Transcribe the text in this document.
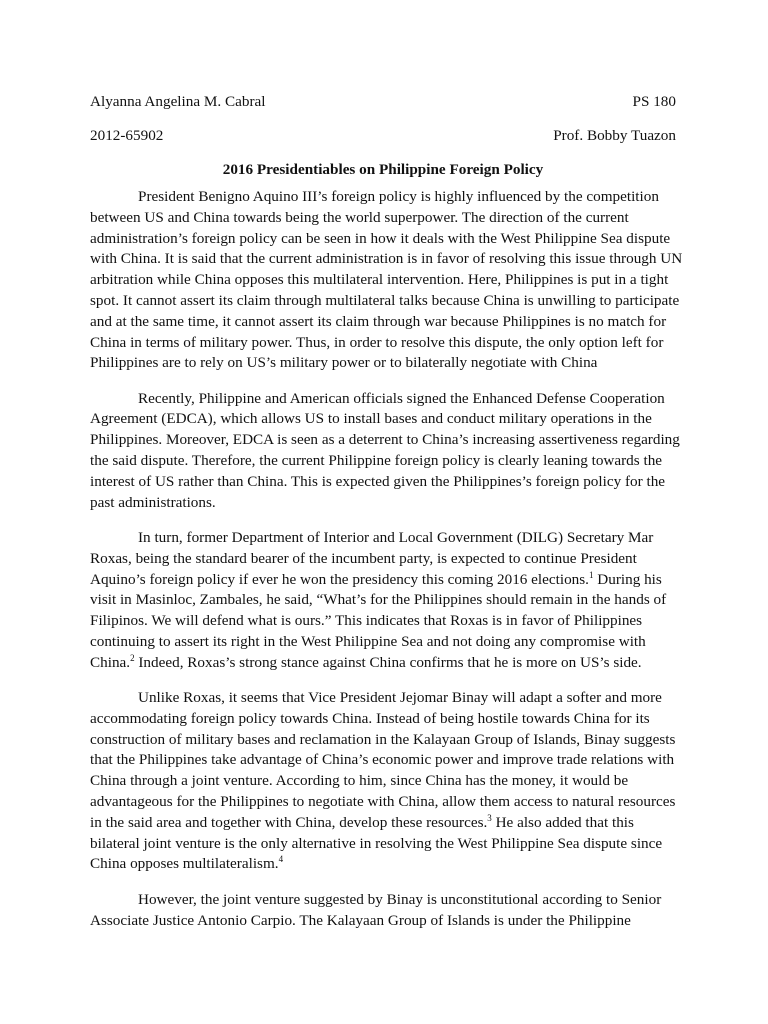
Alyanna Angelina M. Cabral	PS 180
2012-65902	Prof. Bobby Tuazon
2016 Presidentiables on Philippine Foreign Policy

President Benigno Aquino III’s foreign policy is highly influenced by the competition
between US and China towards being the world superpower. The direction of the current
administration’s foreign policy can be seen in how it deals with the West Philippine Sea dispute
with China. It is said that the current administration is in favor of resolving this issue through UN
arbitration while China opposes this multilateral intervention. Here, Philippines is put in a tight
spot. It cannot assert its claim through multilateral talks because China is unwilling to participate
and at the same time, it cannot assert its claim through war because Philippines is no match for
China in terms of military power. Thus, in order to resolve this dispute, the only option left for
Philippines are to rely on US’s military power or to bilaterally negotiate with China

Recently, Philippine and American officials signed the Enhanced Defense Cooperation
Agreement (EDCA), which allows US to install bases and conduct military operations in the
Philippines. Moreover, EDCA is seen as a deterrent to China’s increasing assertiveness regarding
the said dispute. Therefore, the current Philippine foreign policy is clearly leaning towards the
interest of US rather than China. This is expected given the Philippines’s foreign policy for the
past administrations.

In turn, former Department of Interior and Local Government (DILG) Secretary Mar
Roxas, being the standard bearer of the incumbent party, is expected to continue President
Aquino’s foreign policy if ever he won the presidency this coming 2016 elections.$^1$ During his
visit in Masinloc, Zambales, he said, “What’s for the Philippines should remain in the hands of
Filipinos. We will defend what is ours.” This indicates that Roxas is in favor of Philippines
continuing to assert its right in the West Philippine Sea and not doing any compromise with
China.$^2$ Indeed, Roxas’s strong stance against China confirms that he is more on US’s side.

Unlike Roxas, it seems that Vice President Jejomar Binay will adapt a softer and more
accommodating foreign policy towards China. Instead of being hostile towards China for its
construction of military bases and reclamation in the Kalayaan Group of Islands, Binay suggests
that the Philippines take advantage of China’s economic power and improve trade relations with
China through a joint venture. According to him, since China has the money, it would be
advantageous for the Philippines to negotiate with China, allow them access to natural resources
in the said area and together with China, develop these resources.$^3$ He also added that this
bilateral joint venture is the only alternative in resolving the West Philippine Sea dispute since
China opposes multilateralism.$^4$

However, the joint venture suggested by Binay is unconstitutional according to Senior
Associate Justice Antonio Carpio. The Kalayaan Group of Islands is under the Philippine
